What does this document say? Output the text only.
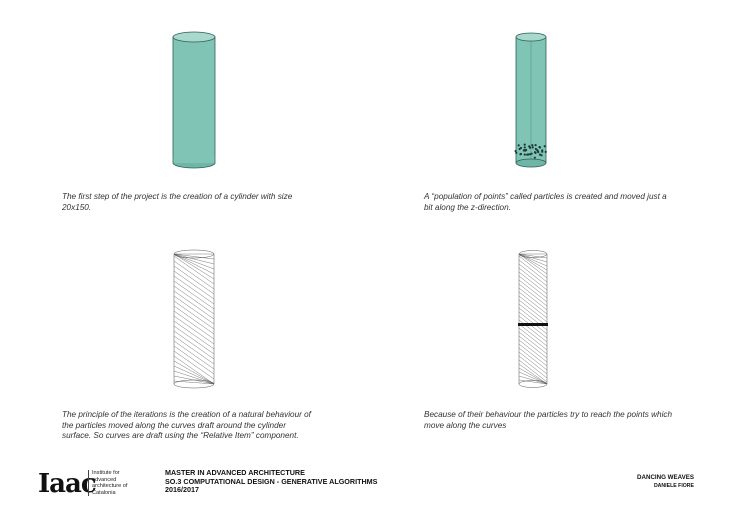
The first step of the project is the creation of a cylinder with size 20x150.
A “population of points” called particles is created and moved just a bit along the z-direction.
The principle of the iterations is the creation of a natural behaviour of the particles moved along the curves draft around the cylinder surface. So curves are draft using the “Relative Item” component.
Because of their behaviour the particles try to reach the points which move along the curves
Iaac
Institute for advanced architecture of Catalonia
MASTER IN ADVANCED ARCHITECTURE
SO.3 COMPUTATIONAL DESIGN - GENERATIVE ALGORITHMS
2016/2017
DANCING WEAVES
DANIELE FIORE
